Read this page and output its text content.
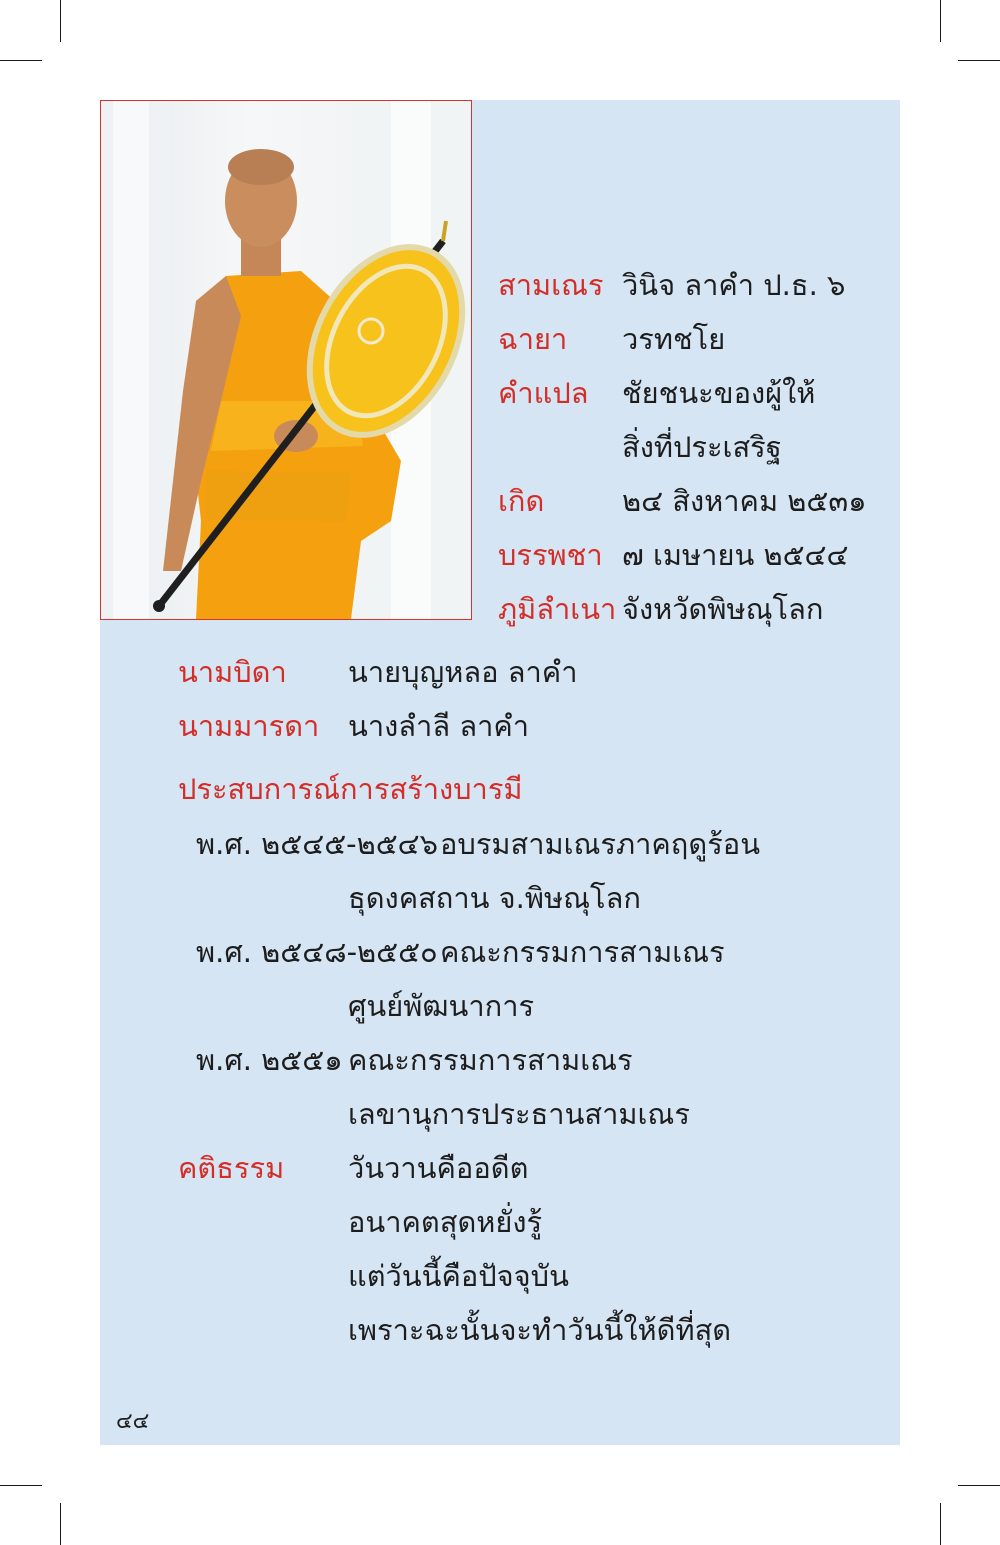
สามเณร วินิจ ลาคำ ป.ธ. ๖
ฉายา วรทชโย
คำแปล ชัยชนะของผู้ให้
สิ่งที่ประเสริฐ
เกิด	๒๔ สิงหาคม ๒๕๓๑
บรรพชา ๗ เมษายน ๒๕๔๔
ภูมิลำเนา จังหวัดพิษณุโลก
นามบิดา นายบุญหลอ ลาคำ
นามมารดา นางลำลี ลาคำ
ประสบการณ์การสร้างบารมี
พ.ศ. ๒๕๔๕-๒๕๔๖ อบรมสามเณรภาคฤดูร้อน
ธุดงคสถาน จ.พิษณุโลก
พ.ศ. ๒๕๔๘-๒๕๕๐ คณะกรรมการสามเณร
ศูนย์พัฒนาการ
พ.ศ. ๒๕๕๑ คณะกรรมการสามเณร
เลขานุการประธานสามเณร
คติธรรม วันวานคืออดีต
อนาคตสุดหยั่งรู้
แต่วันนี้คือปัจจุบัน
เพราะฉะนั้นจะทำวันนี้ให้ดีที่สุด
๔๔
